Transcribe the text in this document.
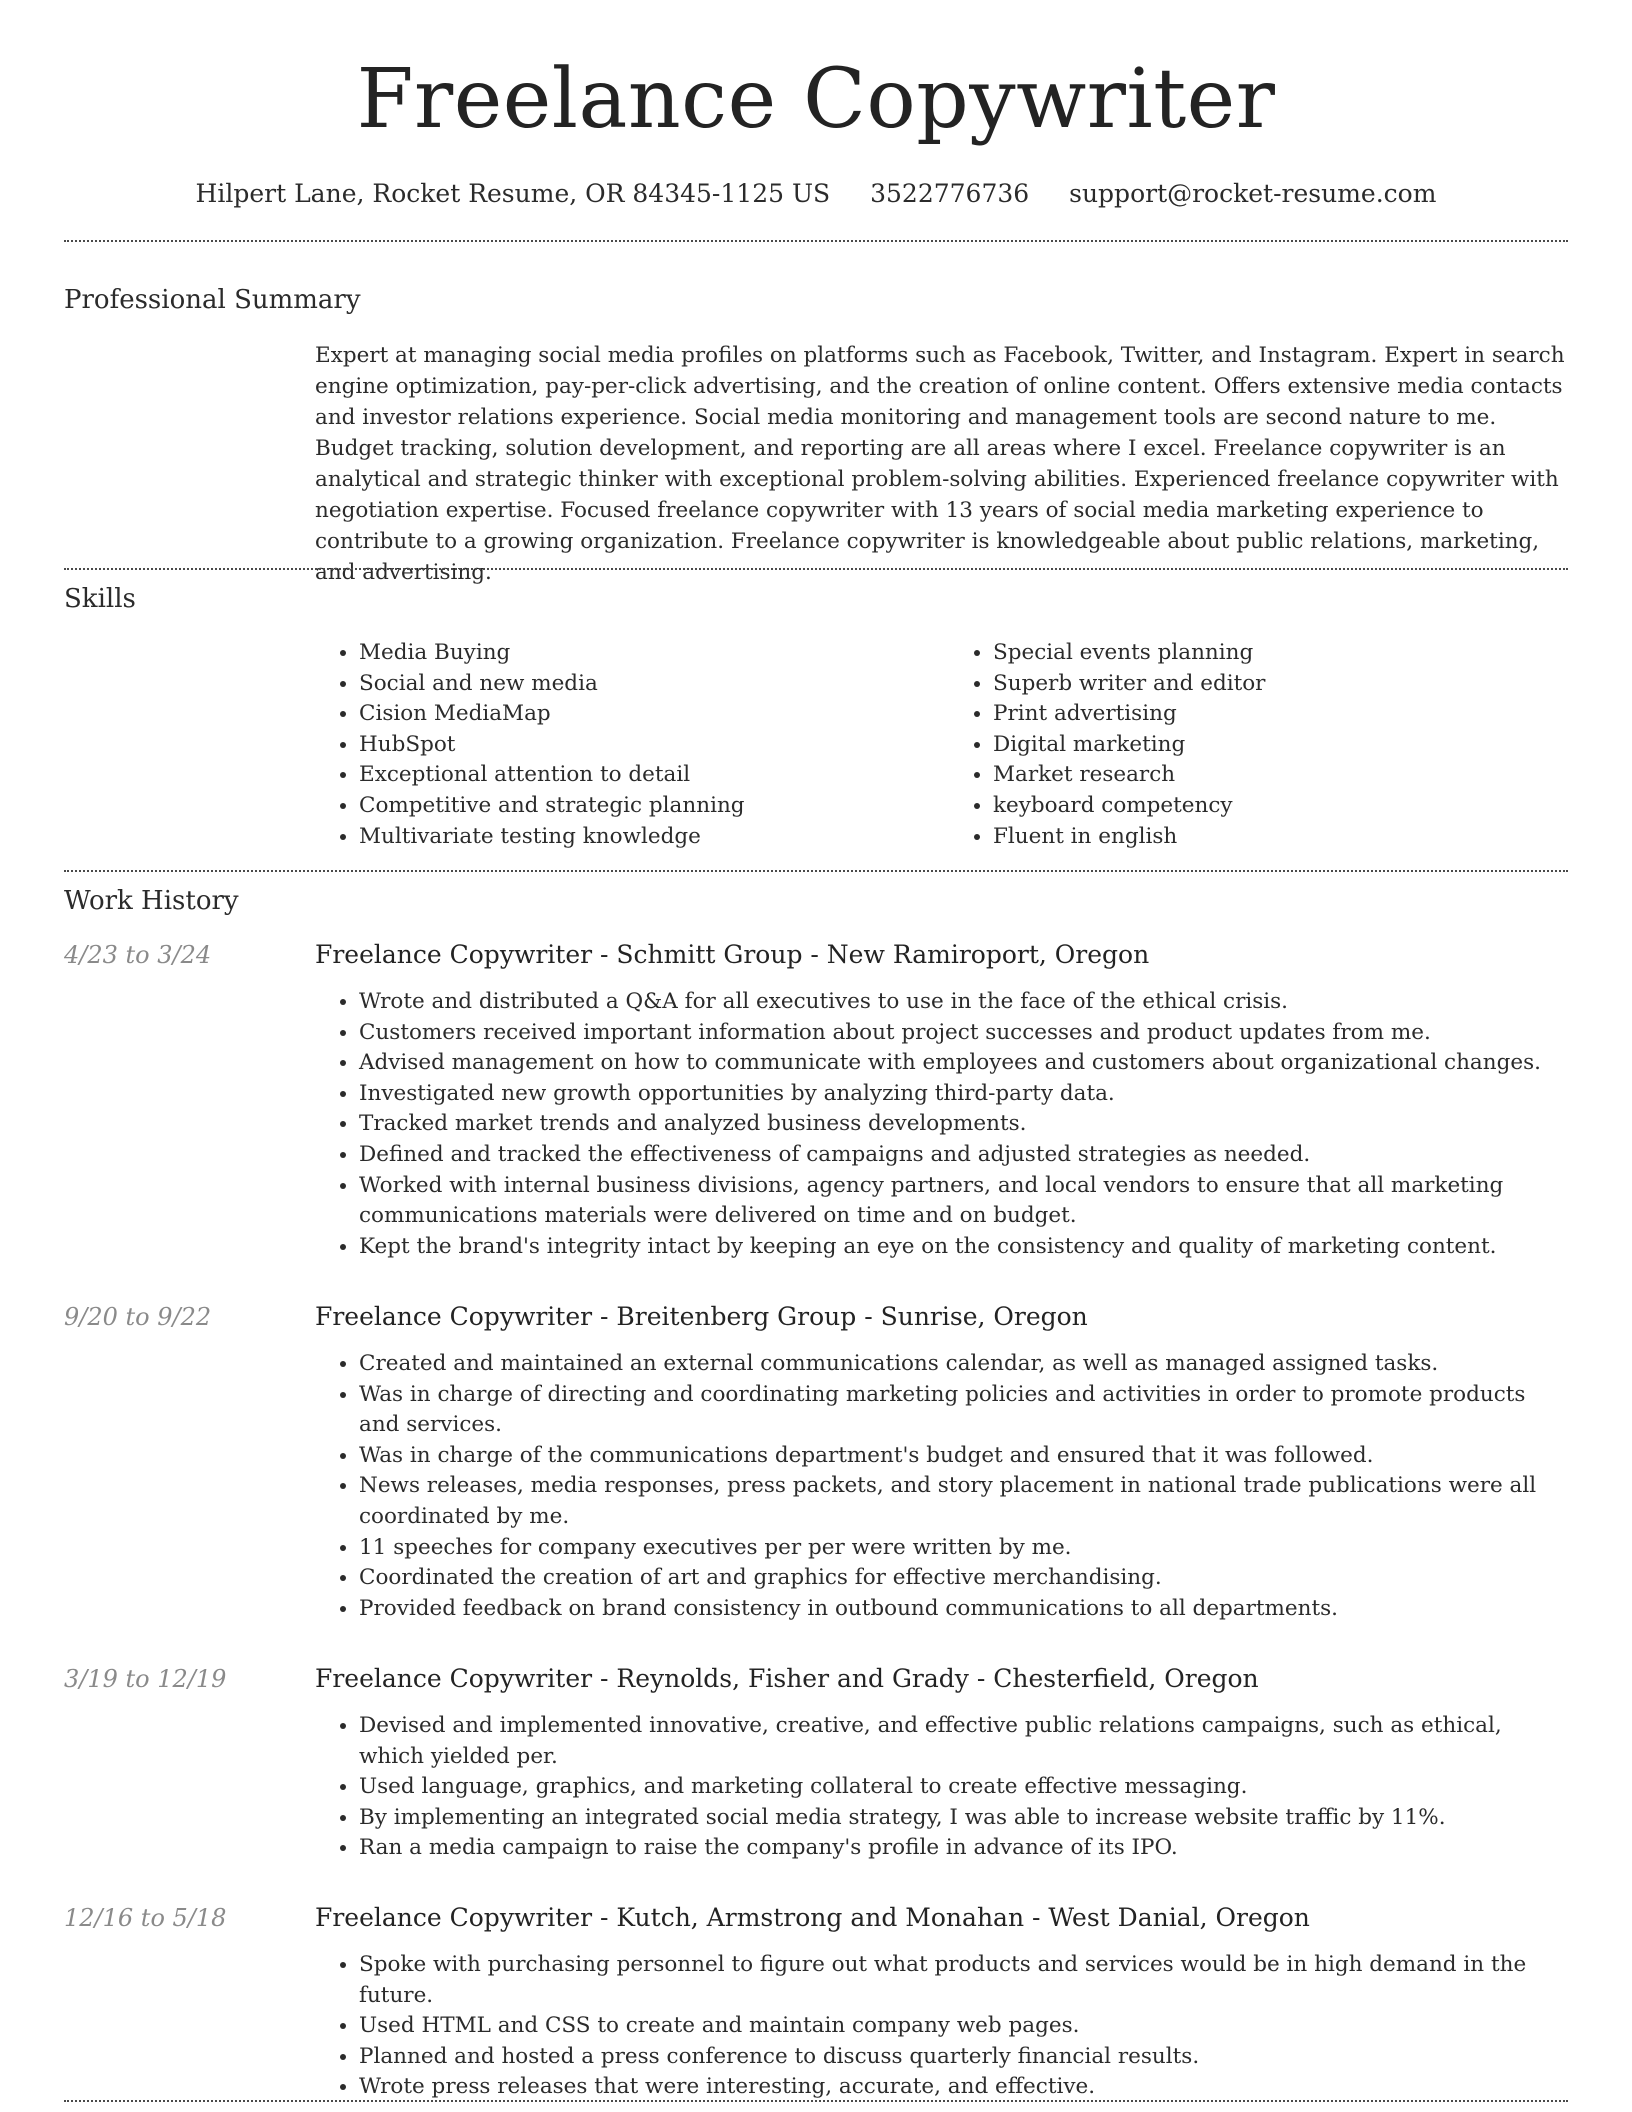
Freelance Copywriter
Hilpert Lane, Rocket Resume, OR 84345-1125 US 3522776736 support@rocket-resume.com
Professional Summary
Expert at managing social media profiles on platforms such as Facebook, Twitter, and Instagram. Expert in search engine optimization, pay-per-click advertising, and the creation of online content. Offers extensive media contacts and investor relations experience. Social media monitoring and management tools are second nature to me. Budget tracking, solution development, and reporting are all areas where I excel. Freelance copywriter is an analytical and strategic thinker with exceptional problem-solving abilities. Experienced freelance copywriter with negotiation expertise. Focused freelance copywriter with 13 years of social media marketing experience to contribute to a growing organization. Freelance copywriter is knowledgeable about public relations, marketing, and advertising.
Skills
• Media Buying
• Social and new media
• Cision MediaMap
• HubSpot
• Exceptional attention to detail
• Competitive and strategic planning
• Multivariate testing knowledge
• Special events planning
• Superb writer and editor
• Print advertising
• Digital marketing
• Market research
• keyboard competency
• Fluent in english
Work History
4/23 to 3/24	Freelance Copywriter - Schmitt Group - New Ramiroport, Oregon
• Wrote and distributed a Q&A for all executives to use in the face of the ethical crisis.
• Customers received important information about project successes and product updates from me.
• Advised management on how to communicate with employees and customers about organizational changes.
• Investigated new growth opportunities by analyzing third-party data.
• Tracked market trends and analyzed business developments.
• Defined and tracked the effectiveness of campaigns and adjusted strategies as needed.
• Worked with internal business divisions, agency partners, and local vendors to ensure that all marketing communications materials were delivered on time and on budget.
• Kept the brand's integrity intact by keeping an eye on the consistency and quality of marketing content.
9/20 to 9/22	Freelance Copywriter - Breitenberg Group - Sunrise, Oregon
• Created and maintained an external communications calendar, as well as managed assigned tasks.
• Was in charge of directing and coordinating marketing policies and activities in order to promote products and services.
• Was in charge of the communications department's budget and ensured that it was followed.
• News releases, media responses, press packets, and story placement in national trade publications were all coordinated by me.
• 11 speeches for company executives per per were written by me.
• Coordinated the creation of art and graphics for effective merchandising.
• Provided feedback on brand consistency in outbound communications to all departments.
3/19 to 12/19	Freelance Copywriter - Reynolds, Fisher and Grady - Chesterfield, Oregon
• Devised and implemented innovative, creative, and effective public relations campaigns, such as ethical, which yielded per.
• Used language, graphics, and marketing collateral to create effective messaging.
• By implementing an integrated social media strategy, I was able to increase website traffic by 11%.
• Ran a media campaign to raise the company's profile in advance of its IPO.
12/16 to 5/18	Freelance Copywriter - Kutch, Armstrong and Monahan - West Danial, Oregon
• Spoke with purchasing personnel to figure out what products and services would be in high demand in the future.
• Used HTML and CSS to create and maintain company web pages.
• Planned and hosted a press conference to discuss quarterly financial results.
• Wrote press releases that were interesting, accurate, and effective.
